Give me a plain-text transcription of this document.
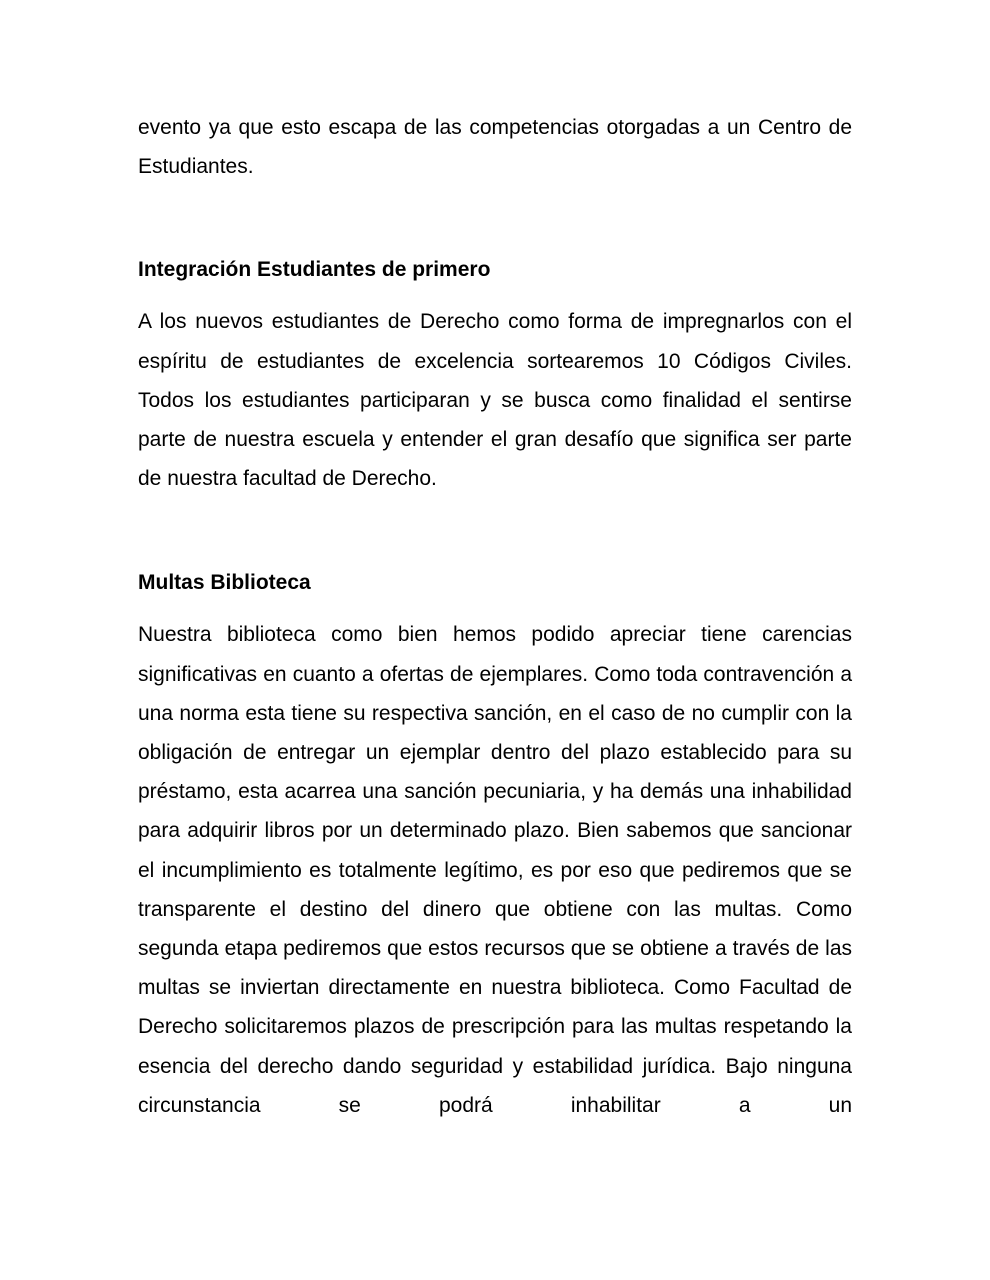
evento ya que esto escapa de las competencias otorgadas a un Centro de Estudiantes.

Integración Estudiantes de primero

A los nuevos estudiantes de Derecho como forma de impregnarlos con el espíritu de estudiantes de excelencia sortearemos 10 Códigos Civiles. Todos los estudiantes participaran y se busca como finalidad el sentirse parte de nuestra escuela y entender el gran desafío que significa ser parte de nuestra facultad de Derecho.

Multas Biblioteca

Nuestra biblioteca como bien hemos podido apreciar tiene carencias significativas en cuanto a ofertas de ejemplares. Como toda contravención a una norma esta tiene su respectiva sanción, en el caso de no cumplir con la obligación de entregar un ejemplar dentro del plazo establecido para su préstamo, esta acarrea una sanción pecuniaria, y ha demás una inhabilidad para adquirir libros por un determinado plazo. Bien sabemos que sancionar el incumplimiento es totalmente legítimo, es por eso que pediremos que se transparente el destino del dinero que obtiene con las multas. Como segunda etapa pediremos que estos recursos que se obtiene a través de las multas se inviertan directamente en nuestra biblioteca. Como Facultad de Derecho solicitaremos plazos de prescripción para las multas respetando la esencia del derecho dando seguridad y estabilidad jurídica. Bajo ninguna circunstancia se podrá inhabilitar a un
